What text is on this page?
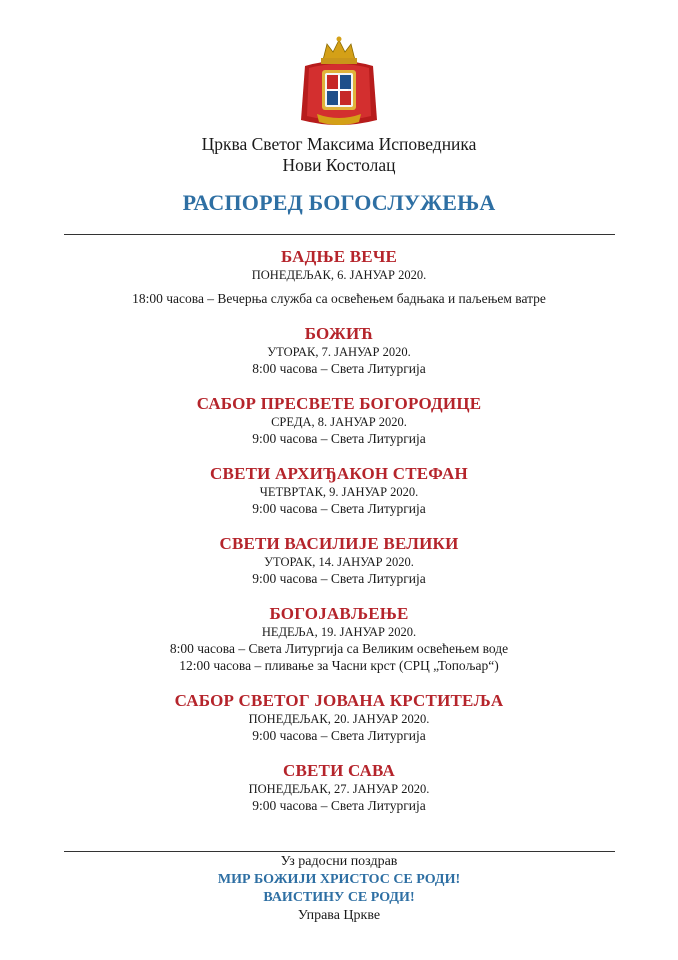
Црква Светог Максима Исповедника
Нови Костолац
РАСПОРЕД БОГОСЛУЖЕЊА
БАДЊЕ ВЕЧЕ
ПОНЕДЕЉАК, 6. ЈАНУАР 2020.
18:00 часова – Вечерња служба са освећењем бадњака и паљењем ватре
БОЖИЋ
УТОРАК, 7. ЈАНУАР 2020.
8:00 часова – Света Литургија
САБОР ПРЕСВЕТЕ БОГОРОДИЦЕ
СРЕДА, 8. ЈАНУАР 2020.
9:00 часова – Света Литургија
СВЕТИ АРХИЂАКОН СТЕФАН
ЧЕТВРТАК, 9. ЈАНУАР 2020.
9:00 часова – Света Литургија
СВЕТИ ВАСИЛИЈЕ ВЕЛИКИ
УТОРАК, 14. ЈАНУАР 2020.
9:00 часова – Света Литургија
БОГОЈАВЉЕЊЕ
НЕДЕЉА, 19. ЈАНУАР 2020.
8:00 часова – Света Литургија са Великим освећењем воде
12:00 часова – пливање за Часни крст (СРЦ „Топољар“)
САБОР СВЕТОГ ЈОВАНА КРСТИТЕЉА
ПОНЕДЕЉАК, 20. ЈАНУАР 2020.
9:00 часова – Света Литургија
СВЕТИ САВА
ПОНЕДЕЉАК, 27. ЈАНУАР 2020.
9:00 часова – Света Литургија
Уз радосни поздрав
МИР БОЖИЈИ ХРИСТОС СЕ РОДИ!
ВАИСТИНУ СЕ РОДИ!
Управа Цркве
